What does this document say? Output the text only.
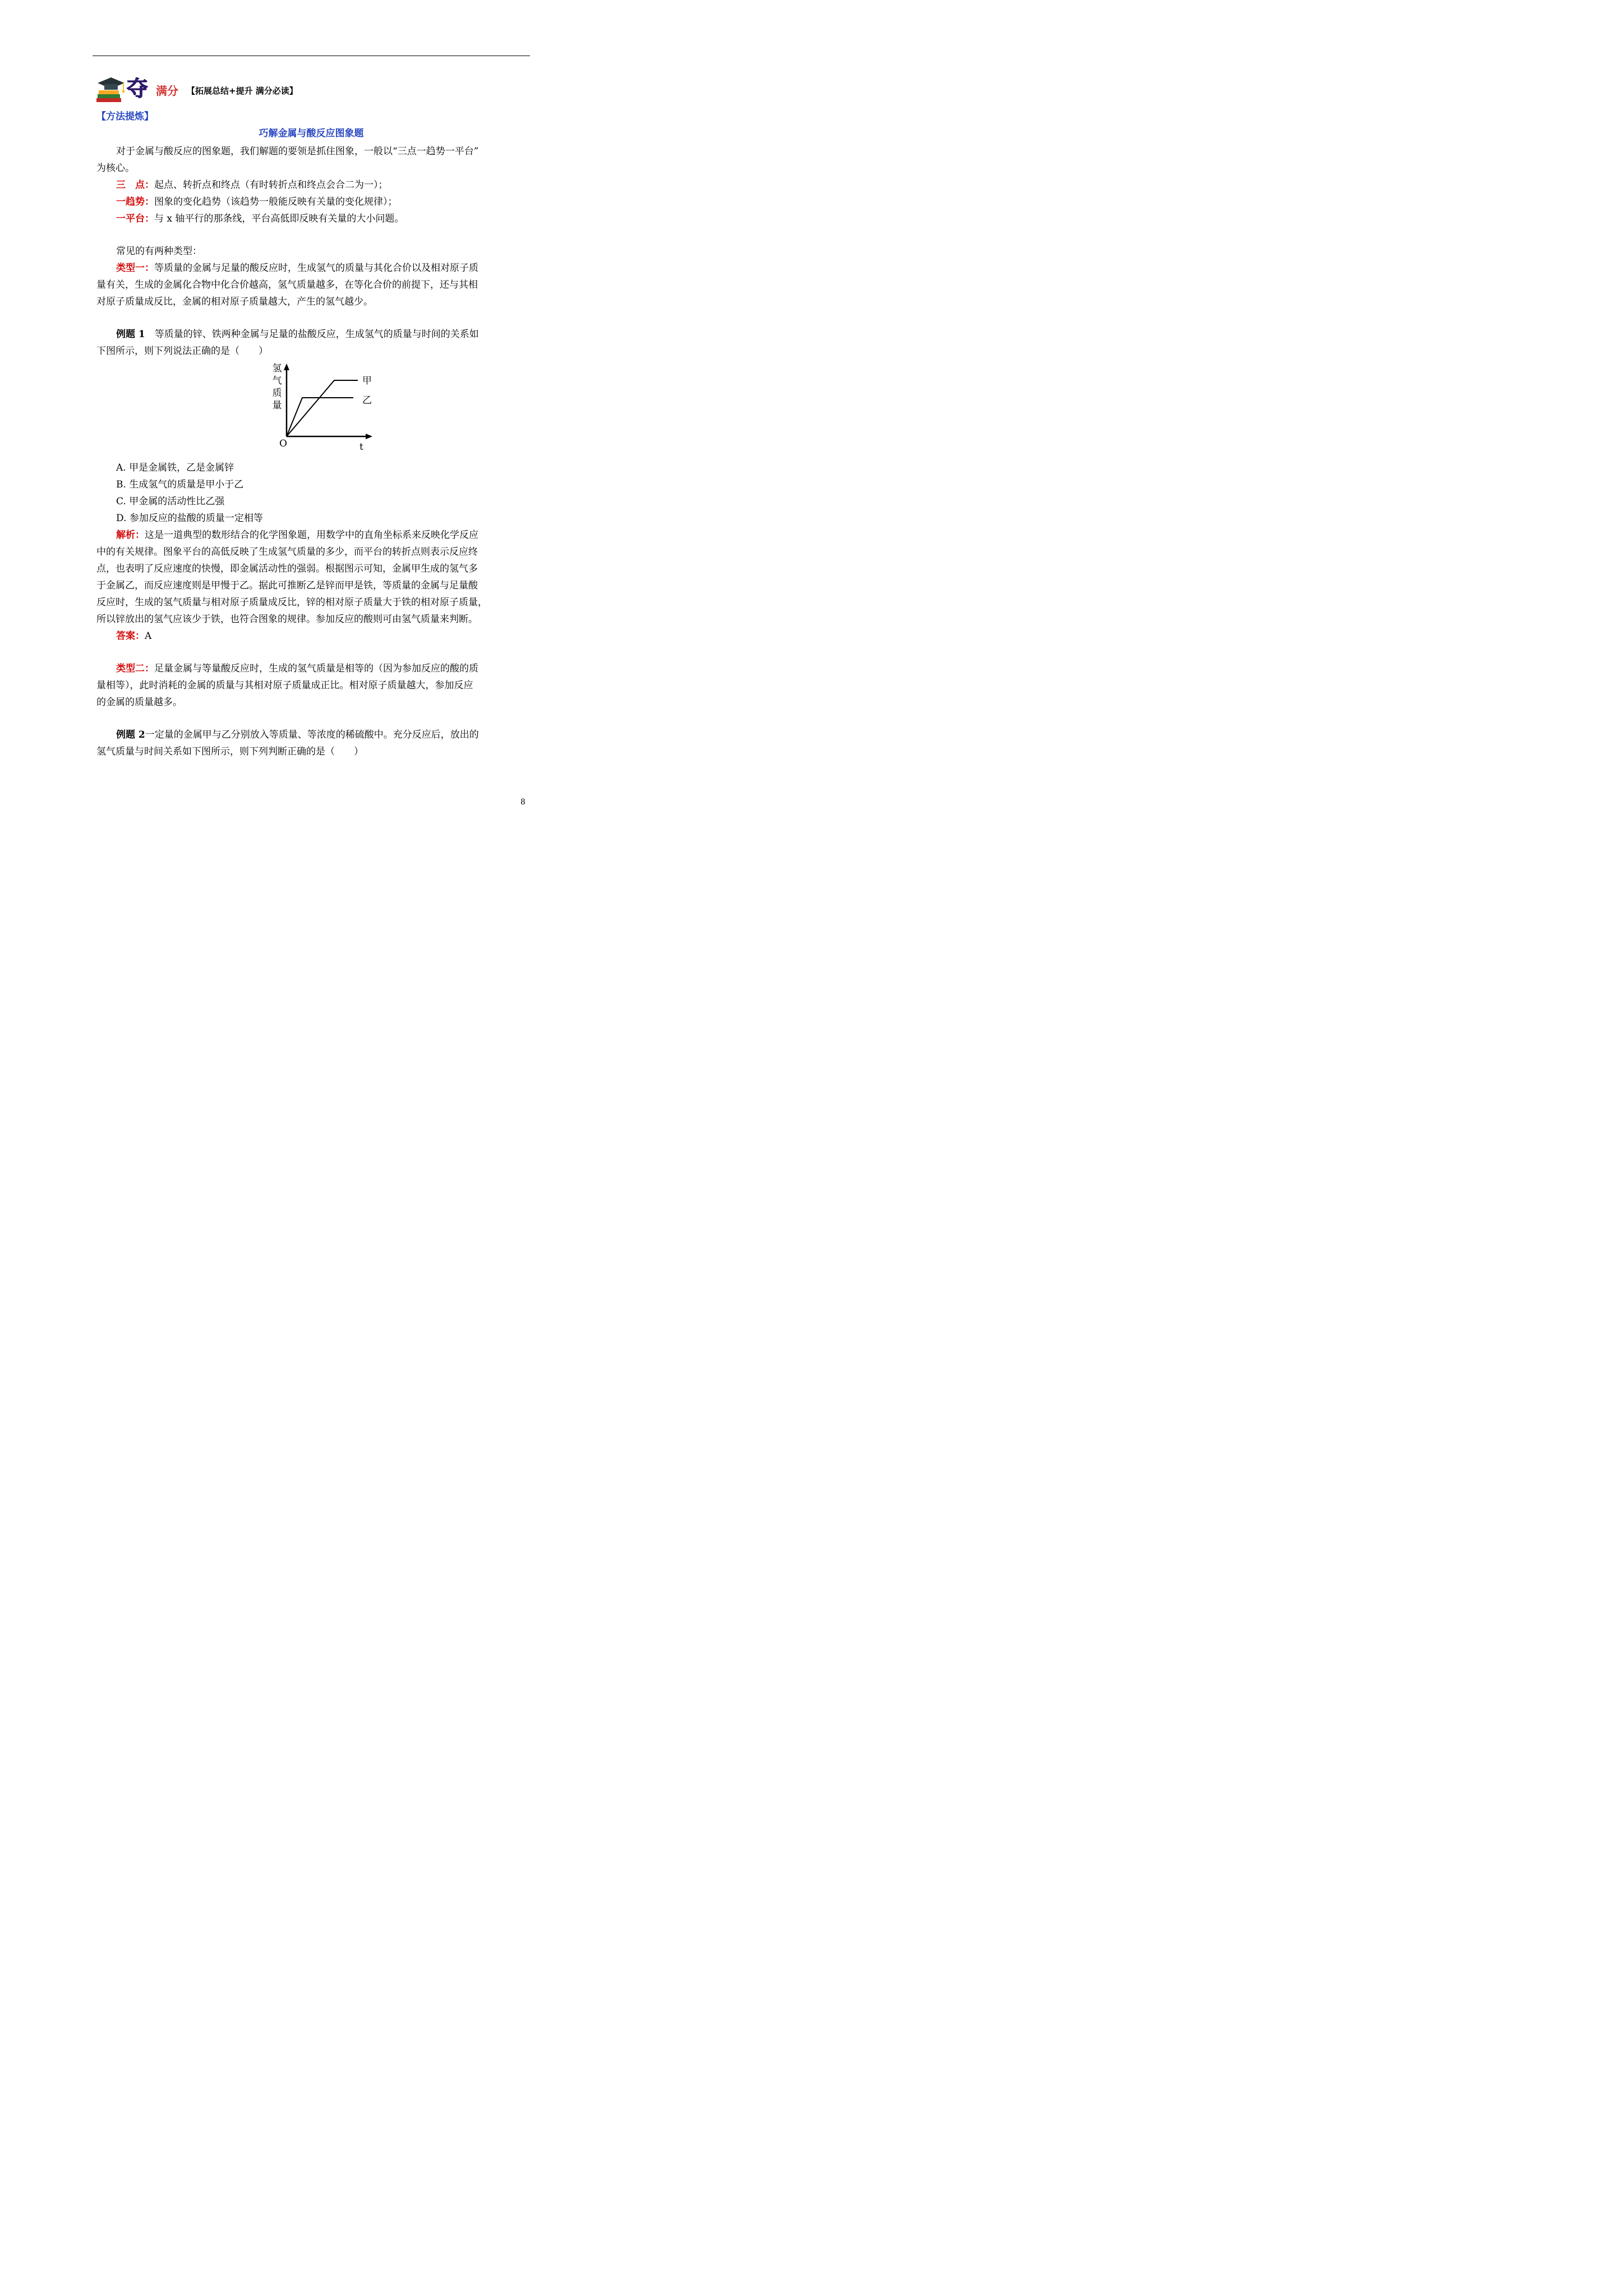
夺 满分 【拓展总结+提升 满分必读】
【方法提炼】
巧解金属与酸反应图象题
对于金属与酸反应的图象题，我们解题的要领是抓住图象，一般以“三点一趋势一平台”
为核心。
三　点：起点、转折点和终点（有时转折点和终点会合二为一）；
一趋势：图象的变化趋势（该趋势一般能反映有关量的变化规律）；
一平台：与 x 轴平行的那条线，平台高低即反映有关量的大小问题。
常见的有两种类型：
类型一：等质量的金属与足量的酸反应时，生成氢气的质量与其化合价以及相对原子质
量有关，生成的金属化合物中化合价越高，氢气质量越多，在等化合价的前提下，还与其相
对原子质量成反比，金属的相对原子质量越大，产生的氢气越少。
例题 1　等质量的锌、铁两种金属与足量的盐酸反应，生成氢气的质量与时间的关系如
下图所示，则下列说法正确的是（　　）
氢
气
质
量
甲
乙
O	t
A. 甲是金属铁，乙是金属锌
B. 生成氢气的质量是甲小于乙
C. 甲金属的活动性比乙强
D. 参加反应的盐酸的质量一定相等
解析：这是一道典型的数形结合的化学图象题，用数学中的直角坐标系来反映化学反应
中的有关规律。图象平台的高低反映了生成氢气质量的多少，而平台的转折点则表示反应终
点，也表明了反应速度的快慢，即金属活动性的强弱。根据图示可知，金属甲生成的氢气多
于金属乙，而反应速度则是甲慢于乙。据此可推断乙是锌而甲是铁，等质量的金属与足量酸
反应时，生成的氢气质量与相对原子质量成反比，锌的相对原子质量大于铁的相对原子质量，
所以锌放出的氢气应该少于铁，也符合图象的规律。参加反应的酸则可由氢气质量来判断。
答案：A
类型二：足量金属与等量酸反应时，生成的氢气质量是相等的（因为参加反应的酸的质
量相等），此时消耗的金属的质量与其相对原子质量成正比。相对原子质量越大，参加反应
的金属的质量越多。
例题 2一定量的金属甲与乙分别放入等质量、等浓度的稀硫酸中。充分反应后，放出的
氢气质量与时间关系如下图所示，则下列判断正确的是（　　）
8
